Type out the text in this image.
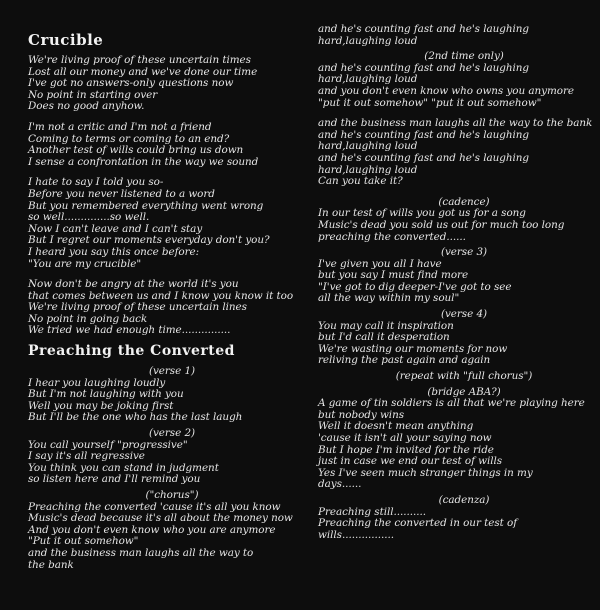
Crucible
Preaching the Converted
We're living proof of these uncertain times
Lost all our money and we've done our time
I've got no answers-only questions now
No point in starting over
Does no good anyhow.
I'm not a critic and I'm not a friend
Coming to terms or coming to an end?
Another test of wills could bring us down
I sense a confrontation in the way we sound
I hate to say I told you so-
Before you never listened to a word
But you remembered everything went wrong
so well..............so well.
Now I can't leave and I can't stay
But I regret our moments everyday don't you?
I heard you say this once before:
"You are my crucible"
Now don't be angry at the world it's you
that comes between us and I know you know it too
We're living proof of these uncertain lines
No point in going back
We tried we had enough time...............
(verse 1)
I hear you laughing loudly
But I'm not laughing with you
Well you may be joking first
But I'll be the one who has the last laugh
(verse 2)
You call yourself "progressive"
I say it's all regressive
You think you can stand in judgment
so listen here and I'll remind you
("chorus")
Preaching the converted 'cause it's all you know
Music's dead because it's all about the money now
And you don't even know who you are anymore
"Put it out somehow"
and the business man laughs all the way to
the bank
and he's counting fast and he's laughing
hard,laughing loud
(2nd time only)
and he's counting fast and he's laughing
hard,laughing loud
and you don't even know who owns you anymore
"put it out somehow" "put it out somehow"
and the business man laughs all the way to the bank
and he's counting fast and he's laughing
hard,laughing loud
and he's counting fast and he's laughing
hard,laughing loud
Can you take it?
(cadence)
In our test of wills you got us for a song
Music's dead you sold us out for much too long
preaching the converted......
(verse 3)
I've given you all I have
but you say I must find more
"I've got to dig deeper-I've got to see
all the way within my soul"
(verse 4)
You may call it inspiration
but I'd call it desperation
We're wasting our moments for now
reliving the past again and again
(repeat with "full chorus")
(bridge ABA?)
A game of tin soldiers is all that we're playing here
but nobody wins
Well it doesn't mean anything
'cause it isn't all your saying now
But I hope I'm invited for the ride
just in case we end our test of wills
Yes I've seen much stranger things in my
days......
(cadenza)
Preaching still..........
Preaching the converted in our test of
wills................
